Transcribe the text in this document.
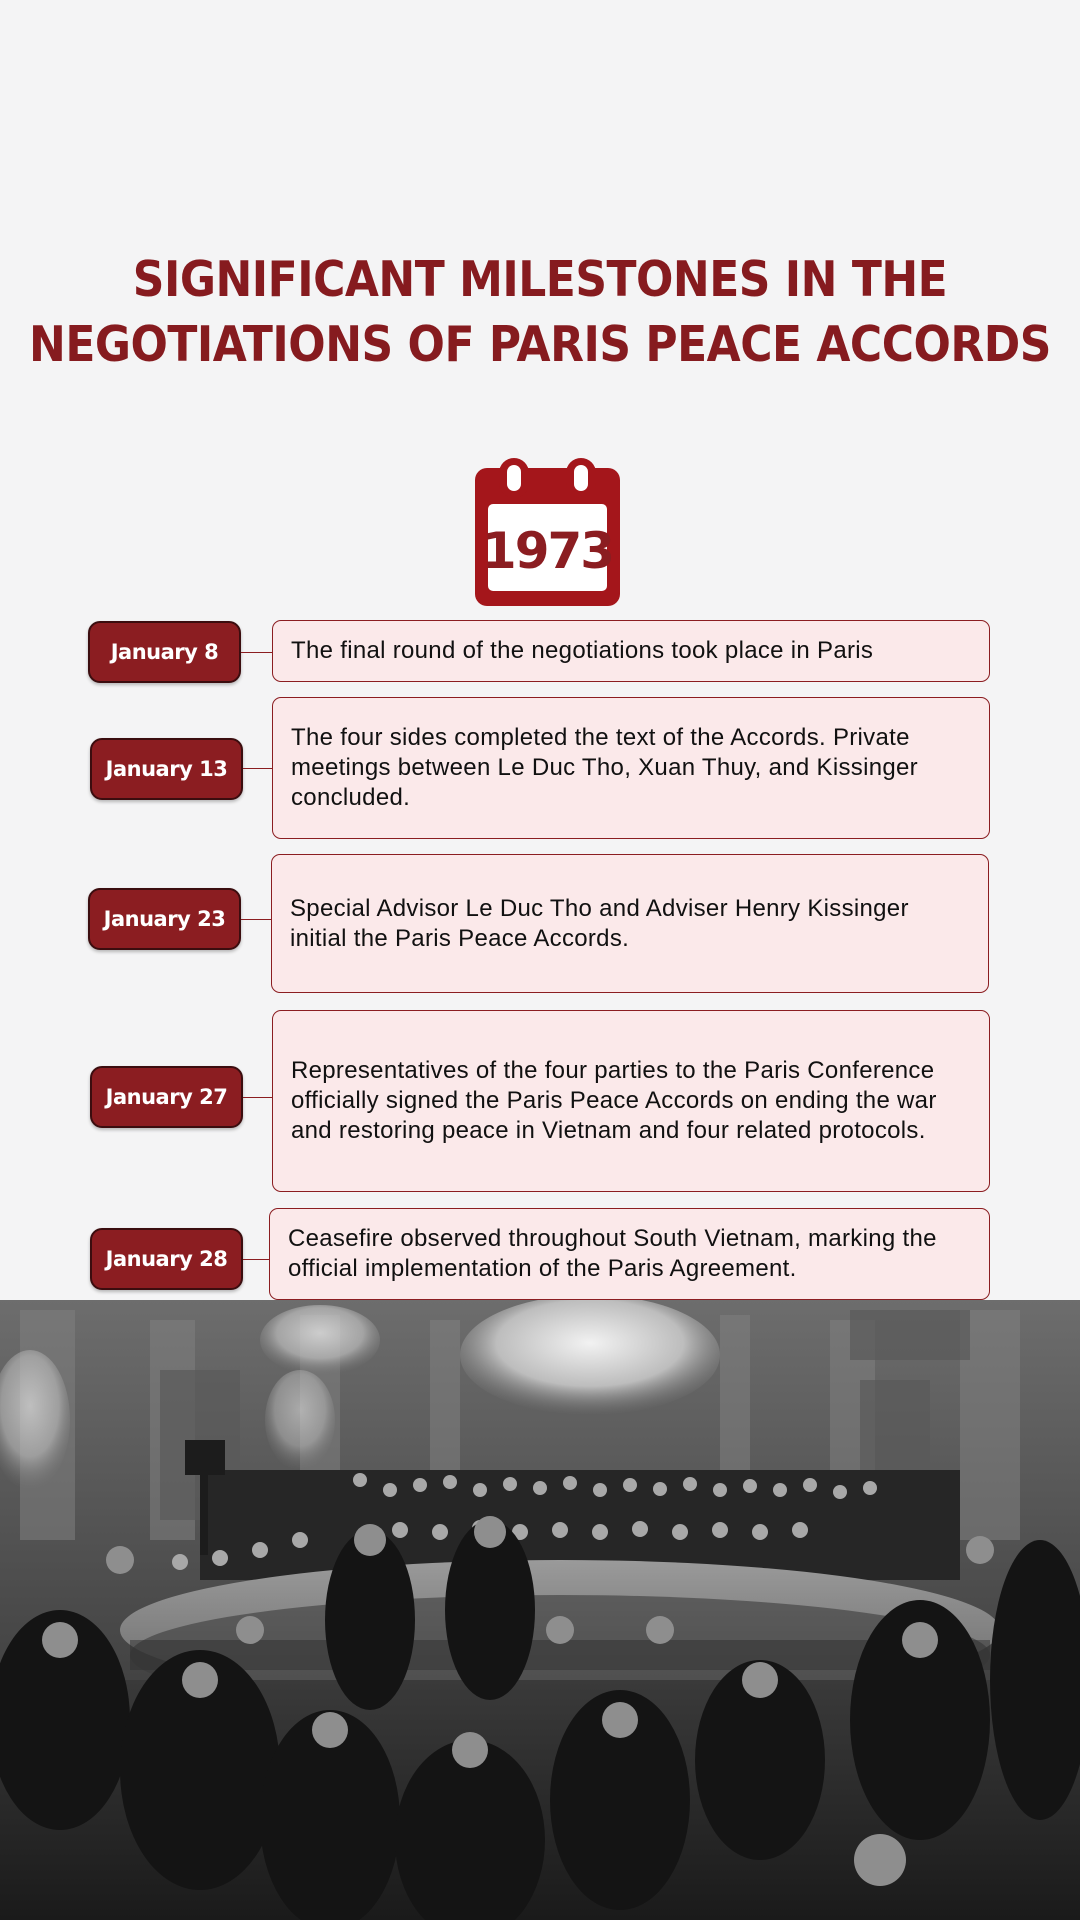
SIGNIFICANT MILESTONES IN THE
NEGOTIATIONS OF PARIS PEACE ACCORDS
1973
January 8	The final round of the negotiations took place in Paris

January 13

The four sides completed the text of the Accords. Private meetings between Le Duc Tho, Xuan Thuy, and Kissinger concluded.

January 23	Special Advisor Le Duc Tho and Adviser Henry Kissinger initial the Paris Peace Accords.

January 27

Representatives of the four parties to the Paris Conference officially signed the Paris Peace Accords on ending the war and restoring peace in Vietnam and four related protocols.

January 28

Ceasefire observed throughout South Vietnam, marking the official implementation of the Paris Agreement.
